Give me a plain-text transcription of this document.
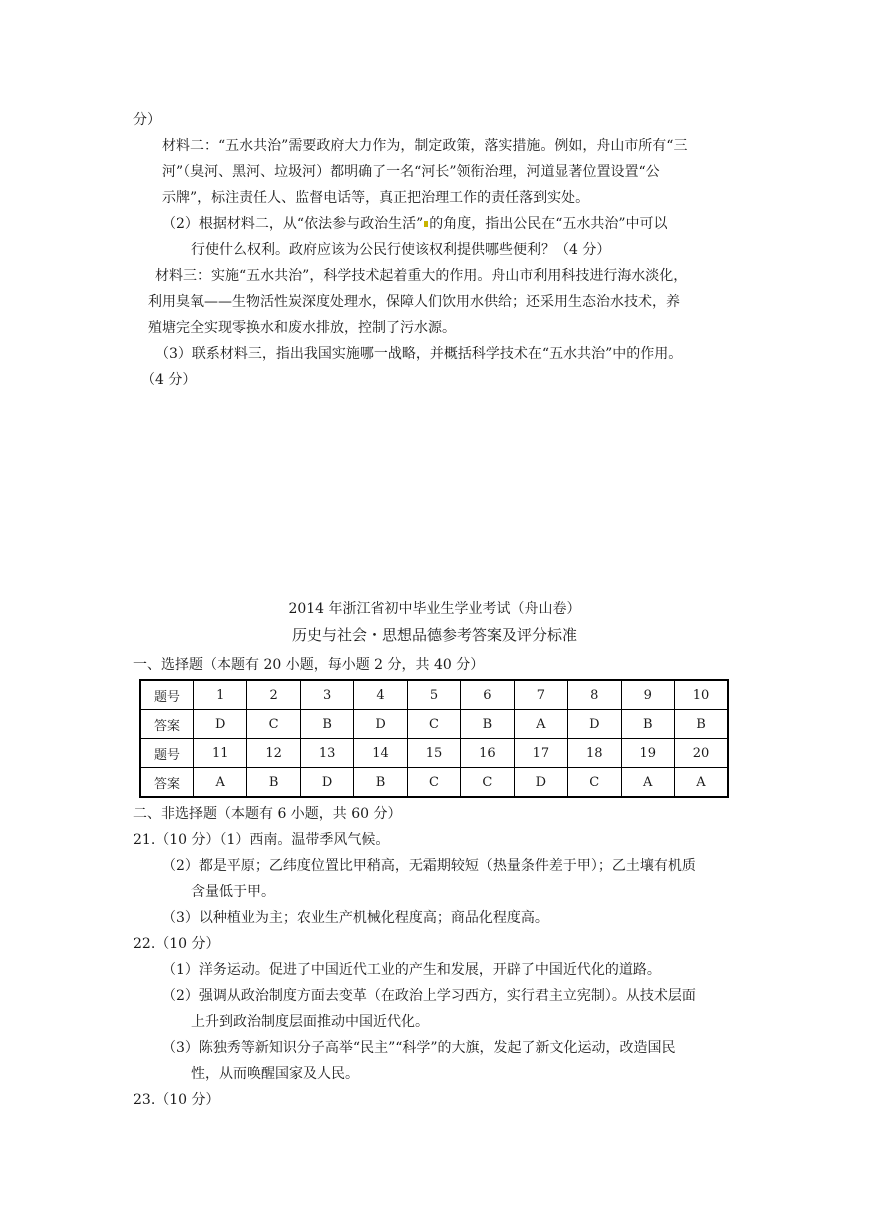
分）
材料二：“五水共治”需要政府大力作为，制定政策，落实措施。例如，舟山市所有“三
河”（臭河、黑河、垃圾河）都明确了一名“河长”领衔治理，河道显著位置设置“公
示牌”，标注责任人、监督电话等，真正把治理工作的责任落到实处。
（2）根据材料二，从“依法参与政治生活” 的角度，指出公民在“五水共治”中可以
行使什么权利。政府应该为公民行使该权利提供哪些便利？（4 分）
材料三：实施“五水共治”，科学技术起着重大的作用。舟山市利用科技进行海水淡化，
利用臭氧——生物活性炭深度处理水，保障人们饮用水供给；还采用生态治水技术，养
殖塘完全实现零换水和废水排放，控制了污水源。
（3）联系材料三，指出我国实施哪一战略，并概括科学技术在“五水共治”中的作用。
（4 分）
2014 年浙江省初中毕业生学业考试（舟山卷）
历史与社会・思想品德参考答案及评分标准
一、选择题（本题有 20 小题，每小题 2 分，共 40 分）
题号	1	2	3	4	5	6	7	8	9	10
答案	D	C	B	D	C	B	A	D	B	B
题号	11	12	13	14	15	16	17	18	19	20
答案	A	B	D	B	C	C	D	C	A	A
二、非选择题（本题有 6 小题，共 60 分）
21.（10 分）（1）西南。温带季风气候。
（2）都是平原；乙纬度位置比甲稍高，无霜期较短（热量条件差于甲）；乙土壤有机质
含量低于甲。
（3）以种植业为主；农业生产机械化程度高；商品化程度高。
22.（10 分）
（1）洋务运动。促进了中国近代工业的产生和发展，开辟了中国近代化的道路。
（2）强调从政治制度方面去变革（在政治上学习西方，实行君主立宪制）。从技术层面
上升到政治制度层面推动中国近代化。
（3）陈独秀等新知识分子高举“民主”“科学”的大旗，发起了新文化运动，改造国民
性，从而唤醒国家及人民。
23.（10 分）
